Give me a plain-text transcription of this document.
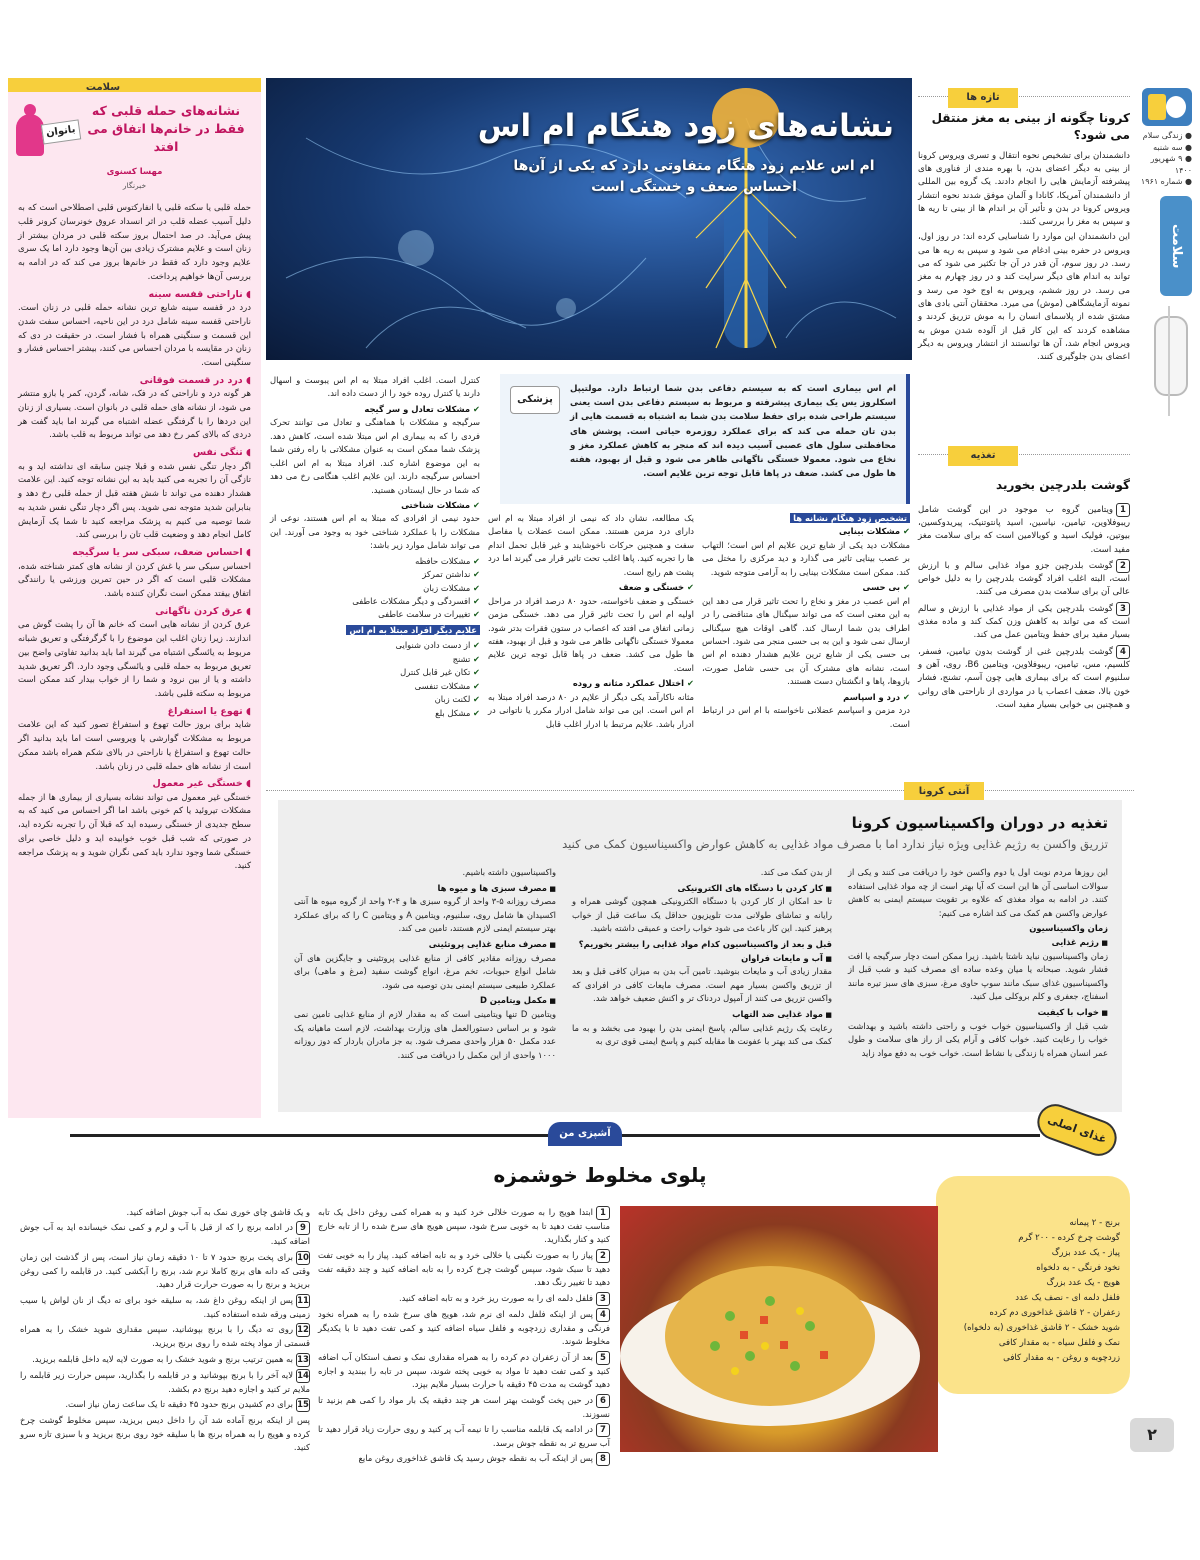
● زندگی سلام
● سه شنبه
● ۹ شهریور ۱۴۰۰
● شماره ۱۹۶۱
سلامت
تازه ها
کرونا چگونه از بینی به مغز منتقل می شود؟

دانشمندان برای تشخیص نحوه انتقال و تسری ویروس کرونا از بینی به دیگر اعضای بدن، با بهره مندی از فناوری های پیشرفته آزمایش هایی را انجام دادند. یک گروه بین المللی از دانشمندان آمریکا، کانادا و آلمان موفق شدند نحوه انتشار ویروس کرونا در بدن و تأثیر آن بر اندام ها از بینی تا ریه ها و سپس به مغز را بررسی کنند.

این دانشمندان این موارد را شناسایی کرده اند: در روز اول، ویروس در حفره بینی ادغام می شود و سپس به ریه ها می رسد. در روز سوم، آن قدر در آن جا تکثیر می شود که می تواند به اندام های دیگر سرایت کند و در روز چهارم به مغز می رسد. در روز ششم، ویروس به اوج خود می رسد و نمونه آزمایشگاهی (موش) می میرد. محققان آنتی بادی های مشتق شده از پلاسمای انسان را به موش تزریق کردند و مشاهده کردند که این کار قبل از آلوده شدن موش به ویروس انجام شد، آن ها توانستند از انتشار ویروس به دیگر اعضای بدن جلوگیری کنند.

تغذیه
گوشت بلدرچین بخورید

1ویتامین گروه ب موجود در این گوشت شامل ریبوفلاوین، تیامین، نیاسین، اسید پانتوتنیک، پیریدوکسین، بیوتین، فولیک اسید و کوبالامین است که برای سلامت مغز مفید است.

2گوشت بلدرچین جزو مواد غذایی سالم و با ارزش است، البته اغلب افراد گوشت بلدرچین را به دلیل خواص عالی آن برای سلامت بدن مصرف می کنند.

3گوشت بلدرچین یکی از مواد غذایی با ارزش و سالم است که می تواند به کاهش وزن کمک کند و ماده مغذی بسیار مفید برای حفظ ویتامین عمل می کند.

4گوشت بلدرچین غنی از گوشت بدون تیامین، فسفر، کلسیم، مس، تیامین، ریبوفلاوین، ویتامین B6، روی، آهن و سلنیوم است که برای بیماری هایی چون آسم، تشنج، فشار خون بالا، ضعف اعصاب یا در مواردی از ناراحتی های روانی و همچنین بی خوابی بسیار مفید است.

سلامت
بانوان
نشانه‌های حمله قلبی که فقط در خانم‌ها اتفاق می افتد
مهسا کسنوی
خبرنگار

حمله قلبی یا سکته قلبی یا انفارکتوس قلبی اصطلاحی است که به دلیل آسیب عضله قلب در اثر انسداد عروق خونرسان کرونر قلب پیش می‌آید. در صد احتمال بروز سکته قلبی در مردان بیشتر از زنان است و علایم مشترک زیادی بین آن‌ها وجود دارد اما یک سری علایم وجود دارد که فقط در خانم‌ها بروز می کند که در ادامه به بررسی آن‌ها خواهیم پرداخت.

◖ ناراحتی قفسه سینه

درد در قفسه سینه شایع ترین نشانه حمله قلبی در زنان است. ناراحتی قفسه سینه شامل درد در این ناحیه، احساس سفت شدن این قسمت و سنگینی همراه با فشار است. در حقیقت در دی که زنان در مقایسه با مردان احساس می کنند، بیشتر احساس فشار و سنگینی است.

◖ درد در قسمت فوقانی

هر گونه درد و ناراحتی که در فک، شانه، گردن، کمر یا بازو منتشر می شود، از نشانه های حمله قلبی در بانوان است. بسیاری از زنان این دردها را با گرفتگی عضله اشتباه می گیرند اما باید گفت هر دردی که بالای کمر رخ دهد می تواند مربوط به قلب باشد.

◖ تنگی نفس

اگر دچار تنگی نفس شده و قبلا چنین سابقه ای نداشته اید و به تازگی آن را تجربه می کنید باید به این نشانه توجه کنید. این علامت هشدار دهنده می تواند تا شش هفته قبل از حمله قلبی رخ دهد و بنابراین شدید متوجه نمی شوید. پس اگر دچار تنگی نفس شدید به شما توصیه می کنیم به پزشک مراجعه کنید تا شما یک آزمایش کامل انجام دهد و وضعیت قلب تان را بررسی کند.

◖ احساس ضعف، سبکی سر یا سرگیجه

احساس سبکی سر یا غش کردن از نشانه های کمتر شناخته شده، مشکلات قلبی است که اگر در حین تمرین ورزشی یا رانندگی اتفاق بیفتد ممکن است نگران کننده باشد.

◖ عرق کردن ناگهانی

عرق کردن از نشانه هایی است که خانم ها آن را پشت گوش می اندازند. زیرا زنان اغلب این موضوع را با گرگرفتگی و تعریق شبانه مربوط به یائسگی اشتباه می گیرند اما باید بدانید تفاوتی واضح بین تعریق مربوط به حمله قلبی و یائسگی وجود دارد. اگر تعریق شدید داشته و یا از بین نرود و شما را از خواب بیدار کند ممکن است مربوط به سکته قلبی باشد.

◖ تهوع یا استفراغ

شاید برای بروز حالت تهوع و استفراغ تصور کنید که این علامت مربوط به مشکلات گوارشی یا ویروسی است اما باید بدانید اگر حالت تهوع و استفراغ یا ناراحتی در بالای شکم همراه باشد ممکن است از نشانه های حمله قلبی در زنان باشد.

◖ خستگی غیر معمول

خستگی غیر معمول می تواند نشانه بسیاری از بیماری ها از جمله مشکلات تیروئید یا کم خونی باشد اما اگر احساس می کنید که به سطح جدیدی از خستگی رسیده اید که قبلا آن را تجربه نکرده اید، در صورتی که شب قبل خوب خوابیده اید و دلیل خاصی برای خستگی شما وجود ندارد باید کمی نگران شوید و به پزشک مراجعه کنید.

نشانه‌های زود هنگام ام اس
ام اس علایم زود هنگام متفاوتی دارد که یکی از آن‌ها احساس ضعف و خستگی است
پزشکی
ام اس بیماری است که به سیستم دفاعی بدن شما ارتباط دارد. مولتیپل اسکلروز یس یک بیماری پیشرفته و مربوط به سیستم دفاعی بدن است یعنی سیستم طراحی شده برای حفظ سلامت بدن شما به اشتباه به قسمت هایی از بدن تان حمله می کند که برای عملکرد روزمره حیاتی است. پوشش های محافظتی سلول های عصبی آسیب دیده اند که منجر به کاهش عملکرد مغز و نخاع می شود. معمولا خستگی ناگهانی ظاهر می شود و قبل از بهبود، هفته ها طول می کشد. ضعف در پاها قابل توجه ترین علایم است.
تشخیص زود هنگام نشانه ها
✔ مشکلات بینایی

مشکلات دید یکی از شایع ترین علایم ام اس است؛ التهاب بر عصب بینایی تاثیر می گذارد و دید مرکزی را مختل می کند. ممکن است مشکلات بینایی را به آرامی متوجه شوید.

✔ بی حسی

ام اس عصب در مغز و نخاع را تحت تاثیر قرار می دهد این به این معنی است که می تواند سیگنال های متناقضی را در اطراف بدن شما ارسال کند. گاهی اوقات هیچ سیگنالی ارسال نمی شود و این به بی حسی منجر می شود. احساس بی حسی یکی از شایع ترین علایم هشدار دهنده ام اس است، نشانه های مشترک آن بی حسی شامل صورت، بازوها، پاها و انگشتان دست هستند.

✔ درد و اسپاسم

درد مزمن و اسپاسم عضلانی ناخواسته با ام اس در ارتباط است.

یک مطالعه، نشان داد که نیمی از افراد مبتلا به ام اس دارای درد مزمن هستند. ممکن است عضلات یا مفاصل سفت و همچنین حرکات ناخوشایند و غیر قابل تحمل اندام ها را تجربه کنید. پاها اغلب تحت تاثیر قرار می گیرند اما درد پشت هم رایج است.

✔ خستگی و ضعف

خستگی و ضعف ناخواسته، حدود ۸۰ درصد افراد در مراحل اولیه ام اس را تحت تاثیر قرار می دهد. خستگی مزمن زمانی اتفاق می افتد که اعصاب در ستون فقرات بدتر شود. معمولا خستگی ناگهانی ظاهر می شود و قبل از بهبود، هفته ها طول می کشد. ضعف در پاها قابل توجه ترین علایم است.

✔ اختلال عملکرد مثانه و روده

مثانه ناکارآمد یکی دیگر از علایم در ۸۰ درصد افراد مبتلا به ام اس است. این می تواند شامل ادرار مکرر یا ناتوانی در ادرار باشد. علایم مرتبط با ادرار اغلب قابل

کنترل است. اغلب افراد مبتلا به ام اس یبوست و اسهال دارند یا کنترل روده خود را از دست داده اند.

✔ مشکلات تعادل و سر گیجه

سرگیجه و مشکلات با هماهنگی و تعادل می توانند تحرک فردی را که به بیماری ام اس مبتلا شده است، کاهش دهد. پزشک شما ممکن است به عنوان مشکلاتی با راه رفتن شما به این موضوع اشاره کند. افراد مبتلا به ام اس اغلب احساس سرگیجه دارند. این علایم اغلب هنگامی رخ می دهد که شما در حال ایستادن هستید.

✔ مشکلات شناختی

حدود نیمی از افرادی که مبتلا به ام اس هستند، نوعی از مشکلات را با عملکرد شناختی خود به وجود می آورند. این می تواند شامل موارد زیر باشد:

✔ مشکلات حافظه
✔ نداشتن تمرکز
✔ مشکلات زبان
✔ افسردگی و دیگر مشکلات عاطفی
✔ تغییرات در سلامت عاطفی
علایم دیگر افراد مبتلا به ام اس
✔ از دست دادن شنوایی
✔ تشنج
✔ تکان غیر قابل کنترل
✔ مشکلات تنفسی
✔ لکنت زبان
✔ مشکل بلع
آنتی کرونا
تغذیه در دوران واکسیناسیون کرونا
تزریق واکسن به رژیم غذایی ویژه نیاز ندارد اما با مصرف مواد غذایی به کاهش عوارض واکسیناسیون کمک می کنید

این روزها مردم نوبت اول یا دوم واکسن خود را دریافت می کنند و یکی از سوالات اساسی آن ها این است که آیا بهتر است از چه مواد غذایی استفاده کنند. در ادامه به مواد مغذی که علاوه بر تقویت سیستم ایمنی به کاهش عوارض واکسن هم کمک می کند اشاره می کنیم:

زمان واکسیناسیون
■ رژیم غذایی

زمان واکسیناسیون نباید ناشتا باشید. زیرا ممکن است دچار سرگیجه یا افت فشار شوید. صبحانه یا میان وعده ساده ای مصرف کنید و شب قبل از واکسیناسیون غذای سبک مانند سوپ حاوی مرغ، سبزی های سبز تیره مانند اسفناج، جعفری و کلم بروکلی میل کنید.

■ خواب با کیفیت

شب قبل از واکسیناسیون خواب خوب و راحتی داشته باشید و بهداشت خواب را رعایت کنید. خواب کافی و آرام یکی از راز های سلامت و طول عمر انسان همراه با زندگی با نشاط است. خواب خوب به دفع مواد زاید

از بدن کمک می کند.

■ کار کردن با دستگاه های الکترونیکی

تا حد امکان از کار کردن با دستگاه الکترونیکی همچون گوشی همراه و رایانه و تماشای طولانی مدت تلویزیون حداقل یک ساعت قبل از خواب پرهیز کنید. این کار باعث می شود خواب راحت و عمیقی داشته باشید.

قبل و بعد از واکسیناسیون کدام مواد غذایی را بیشتر بخوریم؟
■ آب و مایعات فراوان

مقدار زیادی آب و مایعات بنوشید. تامین آب بدن به میزان کافی قبل و بعد از تزریق واکسن بسیار مهم است. مصرف مایعات کافی در افرادی که واکسن تزریق می کنند از آمپول دردناک تر و اکنش ضعیف خواهد شد.

■ مواد غذایی ضد التهاب

رعایت یک رژیم غذایی سالم، پاسخ ایمنی بدن را بهبود می بخشد و به ما کمک می کند بهتر با عفونت ها مقابله کنیم و پاسخ ایمنی قوی تری به

واکسیناسیون داشته باشیم.

■ مصرف سبزی ها و میوه ها

مصرف روزانه ۵-۳ واحد از گروه سبزی ها و ۴-۲ واحد از گروه میوه ها آنتی اکسیدان ها شامل روی، سلنیوم، ویتامین A و ویتامین C را که برای عملکرد بهتر سیستم ایمنی لازم هستند، تامین می کند.

■ مصرف منابع غذایی پروتئینی

مصرف روزانه مقادیر کافی از منابع غذایی پروتئینی و جایگزین های آن شامل انواع حبوبات، تخم مرغ، انواع گوشت سفید (مرغ و ماهی) برای عملکرد طبیعی سیستم ایمنی بدن توصیه می شود.

■ مکمل ویتامین D

ویتامین D تنها ویتامینی است که به مقدار لازم از منابع غذایی تامین نمی شود و بر اساس دستورالعمل های وزارت بهداشت، لازم است ماهیانه یک عدد مکمل ۵۰ هزار واحدی مصرف شود. به جز مادران باردار که دوز روزانه ۱۰۰۰ واحدی از این مکمل را دریافت می کنند.

آشپزی من	غذای اصلی
پلوی مخلوط خوشمزه
برنج - ۲ پیمانه
گوشت چرخ کرده - ۲۰۰ گرم
پیاز - یک عدد بزرگ
نخود فرنگی - به دلخواه
هویج - یک عدد بزرگ
فلفل دلمه ای - نصف یک عدد
زعفران - ۲ قاشق غذاخوری دم کرده
شوید خشک - ۲ قاشق غذاخوری (به دلخواه)
نمک و فلفل سیاه - به مقدار کافی
زردچوبه و روغن - به مقدار کافی

1ابتدا هویج را به صورت خلالی خرد کنید و به همراه کمی روغن داخل یک تابه مناسب تفت دهید تا به خوبی سرخ شود، سپس هویج های سرخ شده را از تابه خارج کنید و کنار بگذارید.

2پیاز را به صورت نگینی یا خلالی خرد و به تابه اضافه کنید. پیاز را به خوبی تفت دهید تا سبک شود، سپس گوشت چرخ کرده را به تابه اضافه کنید و چند دقیقه تفت دهید تا تغییر رنگ دهد.

3فلفل دلمه ای را به صورت ریز خرد و به تابه اضافه کنید.

4پس از اینکه فلفل دلمه ای نرم شد، هویج های سرخ شده را به همراه نخود فرنگی و مقداری زردچوبه و فلفل سیاه اضافه کنید و کمی تفت دهید تا با یکدیگر مخلوط شوند.

5بعد از آن زعفران دم کرده را به همراه مقداری نمک و نصف استکان آب اضافه کنید و کمی تفت دهید تا مواد به خوبی پخته شوند، سپس در تابه را ببندید و اجازه دهید گوشت به مدت ۴۵ دقیقه با حرارت بسیار ملایم بپزد.

6در حین پخت گوشت بهتر است هر چند دقیقه یک بار مواد را کمی هم بزنید تا نسوزند.

7در ادامه یک قابلمه مناسب را تا نیمه آب پر کنید و روی حرارت زیاد قرار دهید تا آب سریع تر به نقطه جوش برسد.

8پس از اینکه آب به نقطه جوش رسید یک قاشق غذاخوری روغن مایع

و یک قاشق چای خوری نمک به آب جوش اضافه کنید.

9در ادامه برنج را که از قبل با آب و لرم و کمی نمک خیسانده اید به آب جوش اضافه کنید.

10برای پخت برنج حدود ۷ تا ۱۰ دقیقه زمان نیاز است، پس از گذشت این زمان وقتی که دانه های برنج کاملا نرم شد، برنج را آبکشی کنید. در قابلمه را کمی روغن بریزید و برنج را به صورت حرارت قرار دهید.

11پس از اینکه روغن داغ شد، به سلیقه خود برای ته دیگ از نان لواش یا سیب زمینی ورقه شده استفاده کنید.

12روی ته دیگ را با برنج بپوشانید، سپس مقداری شوید خشک را به همراه قسمتی از مواد پخته شده را روی برنج بریزید.

13به همین ترتیب برنج و شوید خشک را به صورت لایه لایه داخل قابلمه بریزید.

14لایه آخر را با برنج بپوشانید و در قابلمه را بگذارید، سپس حرارت زیر قابلمه را ملایم تر کنید و اجازه دهید برنج دم بکشد.

15برای دم کشیدن برنج حدود ۴۵ دقیقه تا یک ساعت زمان نیاز است.

پس از اینکه برنج آماده شد آن را داخل دیس بریزید، سپس مخلوط گوشت چرخ کرده و هویج را به همراه برنج ها با سلیقه خود روی برنج بریزید و با سبزی تازه سرو کنید.

۲
